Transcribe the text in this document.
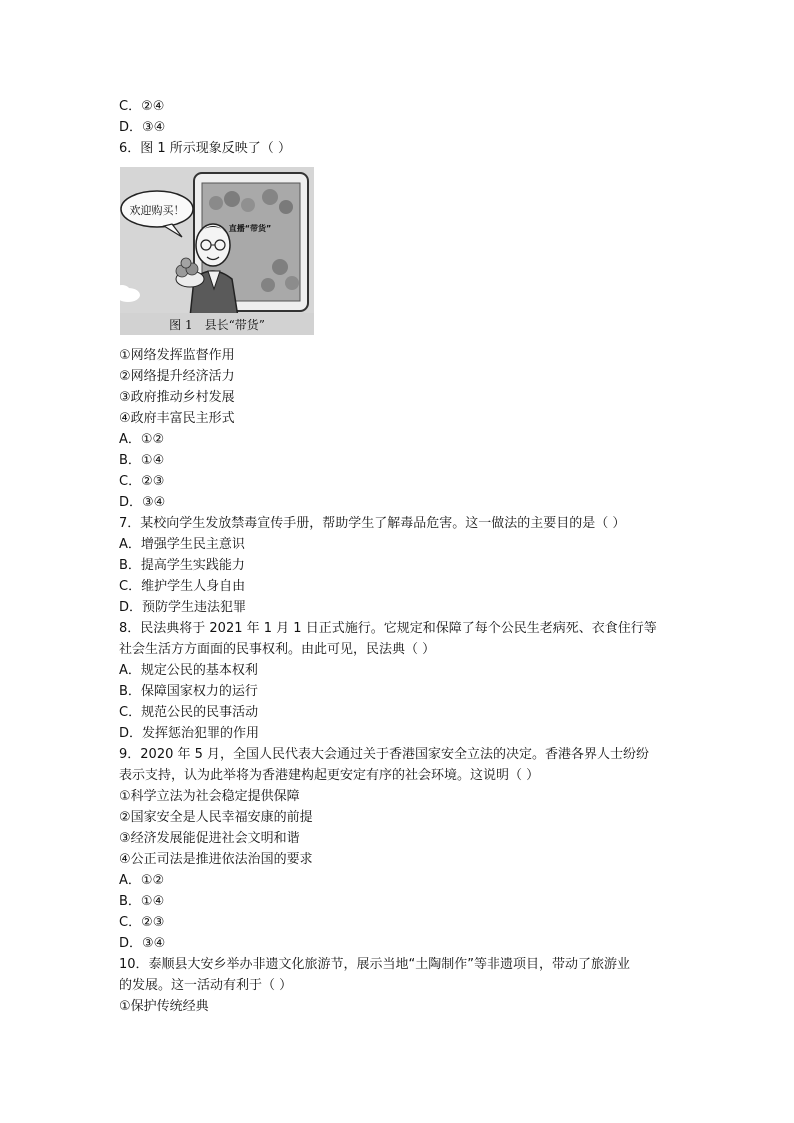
C．②④
D．③④
6．图 1 所示现象反映了（ ）
欢迎购买！
直播“带货”
图 1　县长“带货”
①网络发挥监督作用
②网络提升经济活力
③政府推动乡村发展
④政府丰富民主形式
A．①②
B．①④
C．②③
D．③④
7．某校向学生发放禁毒宣传手册，帮助学生了解毒品危害。这一做法的主要目的是（ ）
A．增强学生民主意识
B．提高学生实践能力
C．维护学生人身自由
D．预防学生违法犯罪
8．民法典将于 2021 年 1 月 1 日正式施行。它规定和保障了每个公民生老病死、衣食住行等
社会生活方方面面的民事权利。由此可见，民法典（ ）
A．规定公民的基本权利
B．保障国家权力的运行
C．规范公民的民事活动
D．发挥惩治犯罪的作用
9．2020 年 5 月，全国人民代表大会通过关于香港国家安全立法的决定。香港各界人士纷纷
表示支持，认为此举将为香港建构起更安定有序的社会环境。这说明（ ）
①科学立法为社会稳定提供保障
②国家安全是人民幸福安康的前提
③经济发展能促进社会文明和谐
④公正司法是推进依法治国的要求
A．①②
B．①④
C．②③
D．③④
10．泰顺县大安乡举办非遗文化旅游节，展示当地“土陶制作”等非遗项目，带动了旅游业
的发展。这一活动有利于（ ）
①保护传统经典
